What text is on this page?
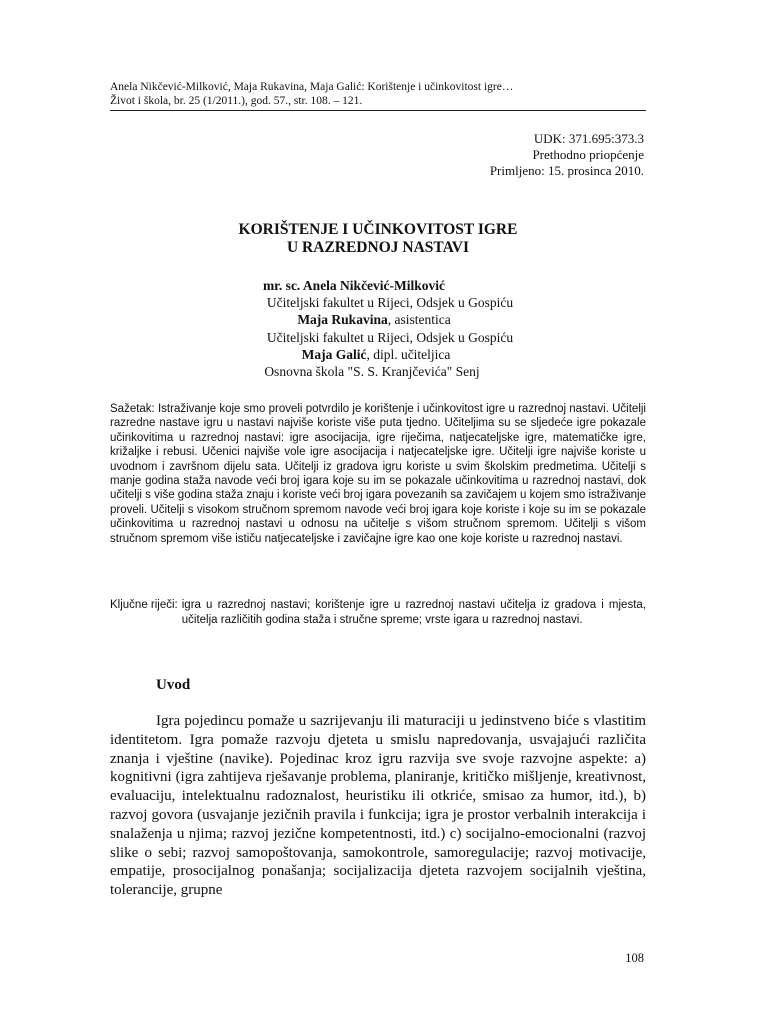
Anela Nikčević-Milković, Maja Rukavina, Maja Galić: Korištenje i učinkovitost igre…
Život i škola, br. 25 (1/2011.), god. 57., str. 108. – 121.
UDK: 371.695:373.3
Prethodno priopćenje
Primljeno: 15. prosinca 2010.
KORIŠTENJE I UČINKOVITOST IGRE
U RAZREDNOJ NASTAVI
mr. sc. Anela Nikčević-Milković
Učiteljski fakultet u Rijeci, Odsjek u Gospiću
Maja Rukavina, asistentica
Učiteljski fakultet u Rijeci, Odsjek u Gospiću
Maja Galić, dipl. učiteljica
Osnovna škola "S. S. Kranjčevića" Senj
Sažetak: Istraživanje koje smo proveli potvrdilo je korištenje i učinkovitost igre u razrednoj nastavi. Učitelji razredne nastave igru u nastavi najviše koriste više puta tjedno. Učiteljima su se sljedeće igre pokazale učinkovitima u razrednoj nastavi: igre asocijacija, igre riječima, natjecateljske igre, matematičke igre, križaljke i rebusi. Učenici najviše vole igre asocijacija i natjecateljske igre. Učitelji igre najviše koriste u uvodnom i završnom dijelu sata. Učitelji iz gradova igru koriste u svim školskim predmetima. Učitelji s manje godina staža navode veći broj igara koje su im se pokazale učinkovitima u razrednoj nastavi, dok učitelji s više godina staža znaju i koriste veći broj igara povezanih sa zavičajem u kojem smo istraživanje proveli. Učitelji s visokom stručnom spremom navode veći broj igara koje koriste i koje su im se pokazale učinkovitima u razrednoj nastavi u odnosu na učitelje s višom stručnom spremom. Učitelji s višom stručnom spremom više ističu natjecateljske i zavičajne igre kao one koje koriste u razrednoj nastavi.
Ključne riječi: igra u razrednoj nastavi; korištenje igre u razrednoj nastavi učitelja iz gradova i mjesta, učitelja različitih godina staža i stručne spreme; vrste igara u razrednoj nastavi.
Uvod
Igra pojedincu pomaže u sazrijevanju ili maturaciji u jedinstveno biće s vlastitim identitetom. Igra pomaže razvoju djeteta u smislu napredovanja, usvajajući različita znanja i vještine (navike). Pojedinac kroz igru razvija sve svoje razvojne aspekte: a) kognitivni (igra zahtijeva rješavanje problema, planiranje, kritičko mišljenje, kreativnost, evaluaciju, intelektualnu radoznalost, heuristiku ili otkriće, smisao za humor, itd.), b) razvoj govora (usvajanje jezičnih pravila i funkcija; igra je prostor verbalnih interakcija i snalaženja u njima; razvoj jezične kompetentnosti, itd.) c) socijalno-emocionalni (razvoj slike o sebi; razvoj samopoštovanja, samokontrole, samoregulacije; razvoj motivacije, empatije, prosocijalnog ponašanja; socijalizacija djeteta razvojem socijalnih vještina, tolerancije, grupne
108
